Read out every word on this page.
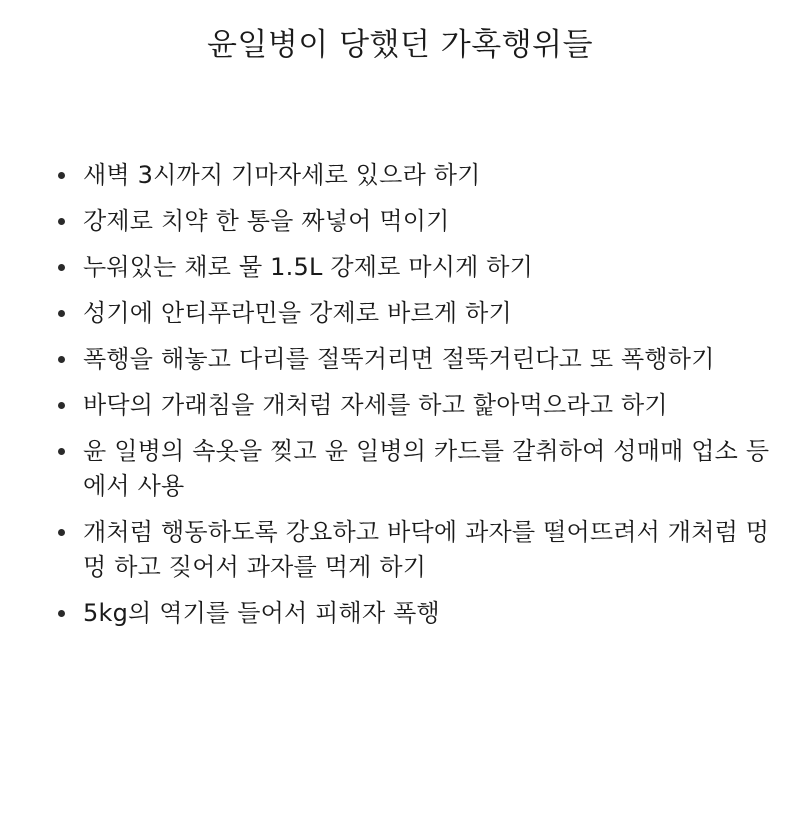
윤일병이 당했던 가혹행위들
새벽 3시까지 기마자세로 있으라 하기
강제로 치약 한 통을 짜넣어 먹이기
누워있는 채로 물 1.5L 강제로 마시게 하기
성기에 안티푸라민을 강제로 바르게 하기
폭행을 해놓고 다리를 절뚝거리면 절뚝거린다고 또 폭행하기
바닥의 가래침을 개처럼 자세를 하고 핥아먹으라고 하기
윤 일병의 속옷을 찢고 윤 일병의 카드를 갈취하여 성매매 업소 등에서 사용
개처럼 행동하도록 강요하고 바닥에 과자를 떨어뜨려서 개처럼 멍멍 하고 짖어서 과자를 먹게 하기
5kg의 역기를 들어서 피해자 폭행
